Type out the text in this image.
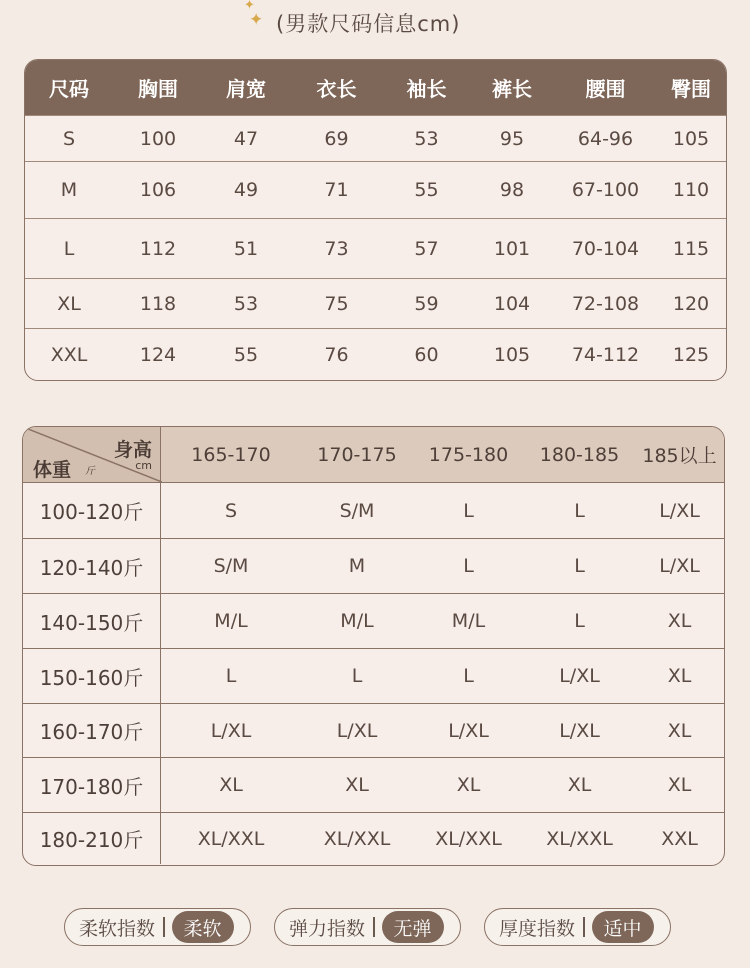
✦
✦ (男款尺码信息cm)
尺码	胸围	肩宽	衣长	袖长	裤长	腰围	臀围
S	100	47	69	53	95	64-96	105
M	106	49	71	55	98	67-100	110
L	112	51	73	57	101	70-104	115
XL	118	53	75	59	104	72-108	120
XXL	124	55	76	60	105	74-112	125
身高
cm
体重 斤
165-170	170-175	175-180	180-185	185以上
100-120斤	S	S/M	L	L	L/XL
120-140斤	S/M	M	L	L	L/XL
140-150斤	M/L	M/L	M/L	L	XL
150-160斤	L	L	L	L/XL	XL
160-170斤	L/XL	L/XL	L/XL	L/XL	XL
170-180斤	XL	XL	XL	XL	XL
180-210斤	XL/XXL	XL/XXL	XL/XXL	XL/XXL	XXL
柔软指数	柔软	弹力指数	无弹	厚度指数	适中
